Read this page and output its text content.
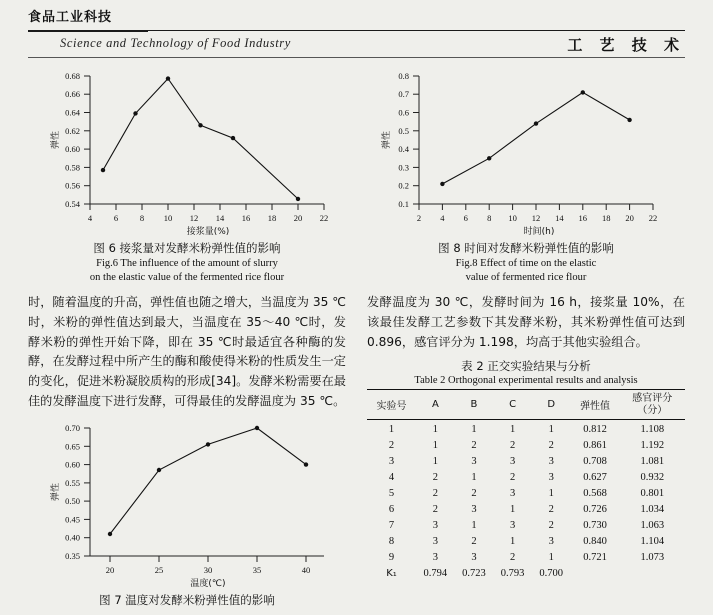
食品工业科技
Science and Technology of Food Industry	工 艺 技 术
0.54
0.56
0.58
0.60
0.62
0.64
0.66
0.68
4	6	8 10 12 14 16 18 20 22
接浆量(%)
弹性
图 6 接浆量对发酵米粉弹性值的影响
Fig.6 The influence of the amount of slurry
on the elastic value of the fermented rice flour
时，随着温度的升高，弹性值也随之增大，当温度为 35 ℃时，米粉的弹性值达到最大，当温度在 35～40 ℃时，发酵米粉的弹性开始下降，即在 35 ℃时最适宜各种酶的发酵，在发酵过程中所产生的酶和酸使得米粉的性质发生一定的变化，促进米粉凝胶质构的形成[34]。发酵米粉需要在最佳的发酵温度下进行发酵，可得最佳的发酵温度为 35 ℃。
0.35
0.40
0.45
0.50
0.55
0.60
0.65
0.70
20	25	30	35	40
温度(℃)
弹性
图 7 温度对发酵米粉弹性值的影响
0.1
0.2
0.3
0.4
0.5
0.6
0.7
0.8
2 4 6 8 10 12 14 16 18 20 22
时间(h)
弹性
图 8 时间对发酵米粉弹性值的影响
Fig.8 Effect of time on the elastic
value of fermented rice flour
发酵温度为 30 ℃，发酵时间为 16 h，接浆量 10%，在该最佳发酵工艺参数下其发酵米粉，其米粉弹性值可达到 0.896，感官评分为 1.198，均高于其他实验组合。
表 2 正交实验结果与分析
Table 2 Orthogonal experimental results and analysis
实验号	A	B	C	D	弹性值	感官评分
（分）
1	1	1	1	1	0.812	1.108
2	1	2	2	2	0.861	1.192
3	1	3	3	3	0.708	1.081
4	2	1	2	3	0.627	0.932
5	2	2	3	1	0.568	0.801
6	2	3	1	2	0.726	1.034
7	3	1	3	2	0.730	1.063
8	3	2	1	3	0.840	1.104
9	3	3	2	1	0.721	1.073
K₁	0.794	0.723	0.793	0.700		
